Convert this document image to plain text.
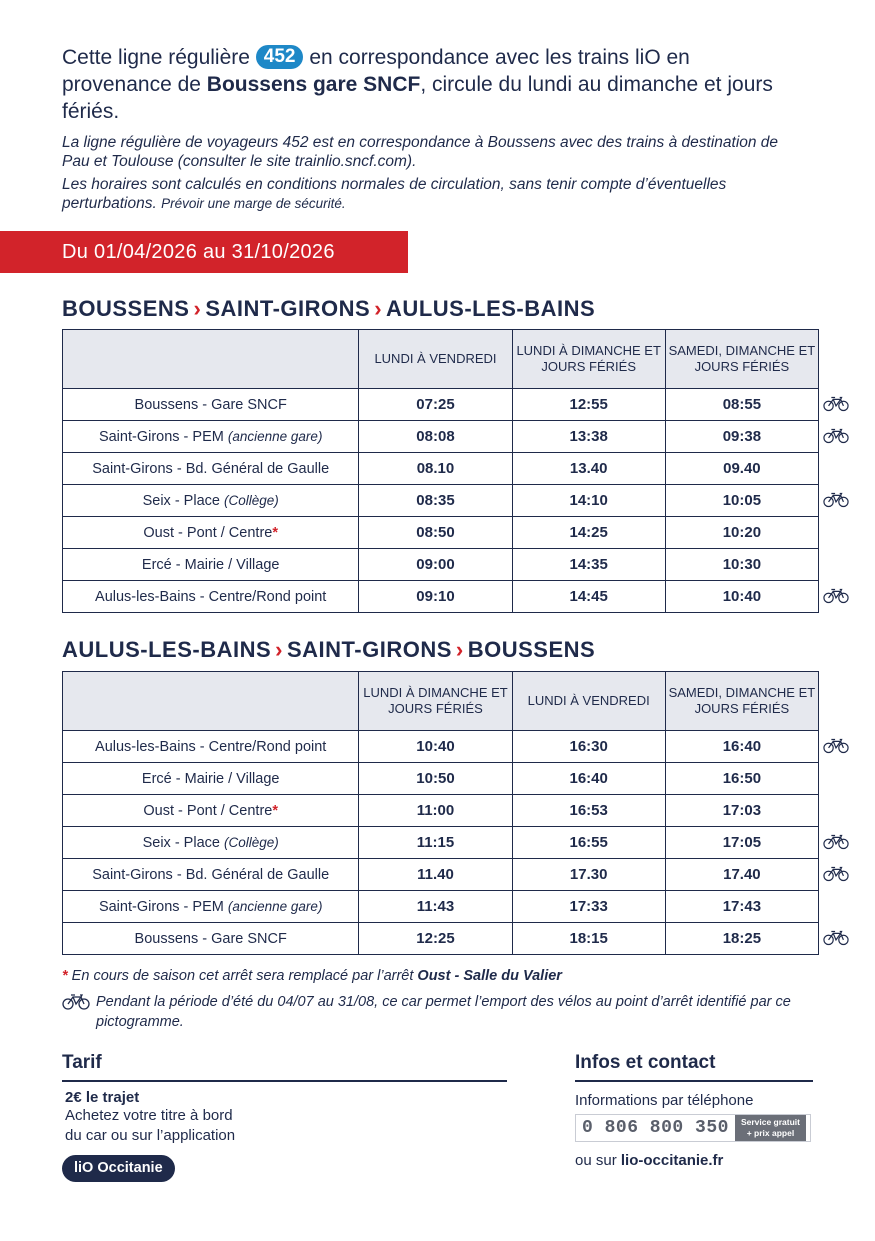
Cette ligne régulière 452 en correspondance avec les trains liO en provenance de Boussens gare SNCF, circule du lundi au dimanche et jours fériés.
La ligne régulière de voyageurs 452 est en correspondance à Boussens avec des trains à destination de Pau et Toulouse (consulter le site trainlio.sncf.com).
Les horaires sont calculés en conditions normales de circulation, sans tenir compte d’éventuelles perturbations. Prévoir une marge de sécurité.
Du 01/04/2026 au 31/10/2026
BOUSSENS › SAINT-GIRONS › AULUS-LES-BAINS
	LUNDI À VENDREDI	LUNDI À DIMANCHE ET JOURS FÉRIÉS	SAMEDI, DIMANCHE ET JOURS FÉRIÉS
Boussens - Gare SNCF	07:25	12:55	08:55
Saint-Girons - PEM (ancienne gare)	08:08	13:38	09:38
Saint-Girons - Bd. Général de Gaulle	08.10	13.40	09.40
Seix - Place (Collège)	08:35	14:10	10:05
Oust - Pont / Centre*	08:50	14:25	10:20
Ercé - Mairie / Village	09:00	14:35	10:30
Aulus-les-Bains - Centre/Rond point	09:10	14:45	10:40
AULUS-LES-BAINS › SAINT-GIRONS › BOUSSENS
	LUNDI À DIMANCHE ET JOURS FÉRIÉS	LUNDI À VENDREDI	SAMEDI, DIMANCHE ET JOURS FÉRIÉS
Aulus-les-Bains - Centre/Rond point	10:40	16:30	16:40
Ercé - Mairie / Village	10:50	16:40	16:50
Oust - Pont / Centre*	11:00	16:53	17:03
Seix - Place (Collège)	11:15	16:55	17:05
Saint-Girons - Bd. Général de Gaulle	11.40	17.30	17.40
Saint-Girons - PEM (ancienne gare)	11:43	17:33	17:43
Boussens - Gare SNCF	12:25	18:15	18:25
* En cours de saison cet arrêt sera remplacé par l’arrêt Oust - Salle du Valier
Pendant la période d’été du 04/07 au 31/08, ce car permet l’emport des vélos au point d’arrêt identifié par ce pictogramme.
Tarif
2€ le trajet
Achetez votre titre à bord
du car ou sur l’application
liO Occitanie
Infos et contact
Informations par téléphone
0 806 800 350	Service gratuit
+ prix appel
ou sur lio-occitanie.fr
